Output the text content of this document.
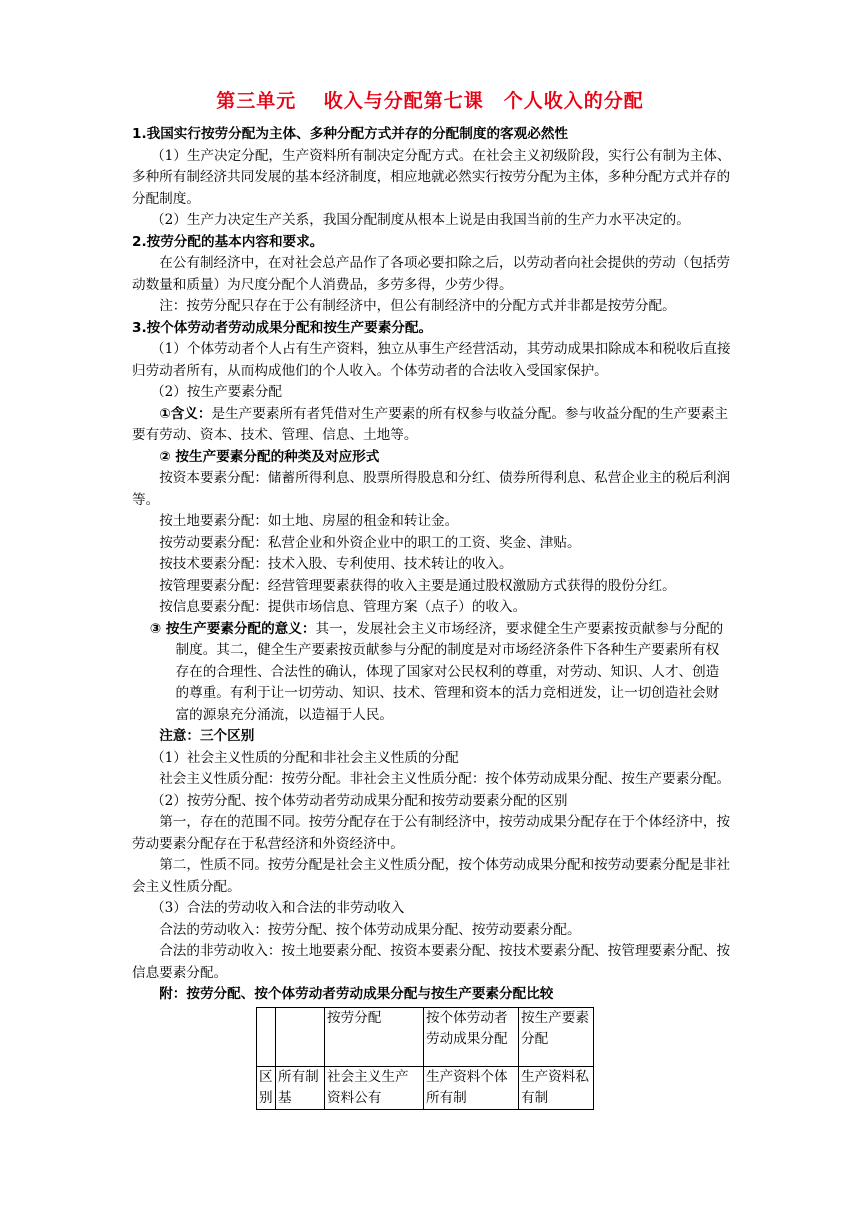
第三单元　 收入与分配第七课　个人收入的分配

1.我国实行按劳分配为主体、多种分配方式并存的分配制度的客观必然性

（1）生产决定分配，生产资料所有制决定分配方式。在社会主义初级阶段，实行公有制为主体、多种所有制经济共同发展的基本经济制度，相应地就必然实行按劳分配为主体，多种分配方式并存的分配制度。

（2）生产力决定生产关系，我国分配制度从根本上说是由我国当前的生产力水平决定的。

2.按劳分配的基本内容和要求。

在公有制经济中，在对社会总产品作了各项必要扣除之后，以劳动者向社会提供的劳动（包括劳动数量和质量）为尺度分配个人消费品，多劳多得，少劳少得。

注：按劳分配只存在于公有制经济中，但公有制经济中的分配方式并非都是按劳分配。

3.按个体劳动者劳动成果分配和按生产要素分配。

（1）个体劳动者个人占有生产资料，独立从事生产经营活动，其劳动成果扣除成本和税收后直接归劳动者所有，从而构成他们的个人收入。个体劳动者的合法收入受国家保护。

（2）按生产要素分配

①含义：是生产要素所有者凭借对生产要素的所有权参与收益分配。参与收益分配的生产要素主要有劳动、资本、技术、管理、信息、土地等。

② 按生产要素分配的种类及对应形式

按资本要素分配：储蓄所得利息、股票所得股息和分红、债券所得利息、私营企业主的税后利润等。

按土地要素分配：如土地、房屋的租金和转让金。

按劳动要素分配：私营企业和外资企业中的职工的工资、奖金、津贴。

按技术要素分配：技术入股、专利使用、技术转让的收入。

按管理要素分配：经营管理要素获得的收入主要是通过股权激励方式获得的股份分红。

按信息要素分配：提供市场信息、管理方案（点子）的收入。

③ 按生产要素分配的意义：其一，发展社会主义市场经济，要求健全生产要素按贡献参与分配的制度。其二，健全生产要素按贡献参与分配的制度是对市场经济条件下各种生产要素所有权存在的合理性、合法性的确认，体现了国家对公民权利的尊重，对劳动、知识、人才、创造的尊重。有利于让一切劳动、知识、技术、管理和资本的活力竞相迸发，让一切创造社会财富的源泉充分涌流，以造福于人民。

注意：三个区别

（1）社会主义性质的分配和非社会主义性质的分配

社会主义性质分配：按劳分配。非社会主义性质分配：按个体劳动成果分配、按生产要素分配。

（2）按劳分配、按个体劳动者劳动成果分配和按劳动要素分配的区别

第一，存在的范围不同。按劳分配存在于公有制经济中，按劳动成果分配存在于个体经济中，按劳动要素分配存在于私营经济和外资经济中。

第二，性质不同。按劳分配是社会主义性质分配，按个体劳动成果分配和按劳动要素分配是非社会主义性质分配。

（3）合法的劳动收入和合法的非劳动收入

合法的劳动收入：按劳分配、按个体劳动成果分配、按劳动要素分配。

合法的非劳动收入：按土地要素分配、按资本要素分配、按技术要素分配、按管理要素分配、按信息要素分配。

附：按劳分配、按个体劳动者劳动成果分配与按生产要素分配比较

		按劳分配	按个体劳动者劳动成果分配	按生产要素分配
区别	所有制基	社会主义生产资料公有	生产资料个体所有制	生产资料私有制
